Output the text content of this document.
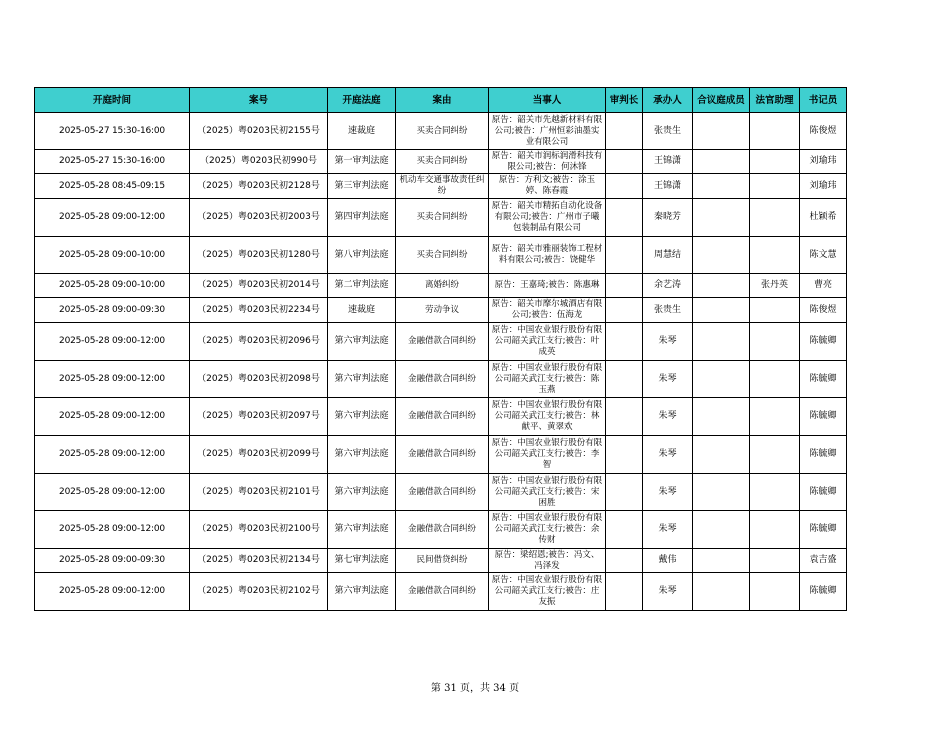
开庭时间	案号	开庭法庭	案由	当事人	审判长	承办人	合议庭成员	法官助理	书记员
2025-05-27 15:30-16:00	（2025）粤0203民初2155号	速裁庭	买卖合同纠纷	原告：韶关市先越新材料有限公司;被告：广州恒彩油墨实业有限公司		张贵生			陈俊煜
2025-05-27 15:30-16:00	（2025）粤0203民初990号	第一审判法庭	买卖合同纠纷	原告：韶关市润标润滑科技有限公司;被告：何沐锋		王锦潇			刘瑜玮
2025-05-28 08:45-09:15	（2025）粤0203民初2128号	第三审判法庭	机动车交通事故责任纠纷	原告：方利文;被告：涂玉婷、陈春霞		王锦潇			刘瑜玮
2025-05-28 09:00-12:00	（2025）粤0203民初2003号	第四审判法庭	买卖合同纠纷	原告：韶关市精拓自动化设备有限公司;被告：广州市子曦包装制品有限公司		秦晓芳			杜颖希
2025-05-28 09:00-10:00	（2025）粤0203民初1280号	第八审判法庭	买卖合同纠纷	原告：韶关市雅丽装饰工程材料有限公司;被告：饶健华		周慧结			陈文慧
2025-05-28 09:00-10:00	（2025）粤0203民初2014号	第二审判法庭	离婚纠纷	原告：王嘉琦;被告：陈惠琳		余艺涛		张丹英	曹亮
2025-05-28 09:00-09:30	（2025）粤0203民初2234号	速裁庭	劳动争议	原告：韶关市摩尔城酒店有限公司;被告：伍海龙		张贵生			陈俊煜
2025-05-28 09:00-12:00	（2025）粤0203民初2096号	第六审判法庭	金融借款合同纠纷	原告：中国农业银行股份有限公司韶关武江支行;被告：叶成英		朱琴			陈毓卿
2025-05-28 09:00-12:00	（2025）粤0203民初2098号	第六审判法庭	金融借款合同纠纷	原告：中国农业银行股份有限公司韶关武江支行;被告：陈玉燕		朱琴			陈毓卿
2025-05-28 09:00-12:00	（2025）粤0203民初2097号	第六审判法庭	金融借款合同纠纷	原告：中国农业银行股份有限公司韶关武江支行;被告：林献平、黄翠欢		朱琴			陈毓卿
2025-05-28 09:00-12:00	（2025）粤0203民初2099号	第六审判法庭	金融借款合同纠纷	原告：中国农业银行股份有限公司韶关武江支行;被告：李智		朱琴			陈毓卿
2025-05-28 09:00-12:00	（2025）粤0203民初2101号	第六审判法庭	金融借款合同纠纷	原告：中国农业银行股份有限公司韶关武江支行;被告：宋困胜		朱琴			陈毓卿
2025-05-28 09:00-12:00	（2025）粤0203民初2100号	第六审判法庭	金融借款合同纠纷	原告：中国农业银行股份有限公司韶关武江支行;被告：余传财		朱琴			陈毓卿
2025-05-28 09:00-09:30	（2025）粤0203民初2134号	第七审判法庭	民间借贷纠纷	原告：梁绍恩;被告：冯文、冯泽发		戴伟			袁吉盛
2025-05-28 09:00-12:00	（2025）粤0203民初2102号	第六审判法庭	金融借款合同纠纷	原告：中国农业银行股份有限公司韶关武江支行;被告：庄友振		朱琴			陈毓卿
第 31 页，共 34 页
